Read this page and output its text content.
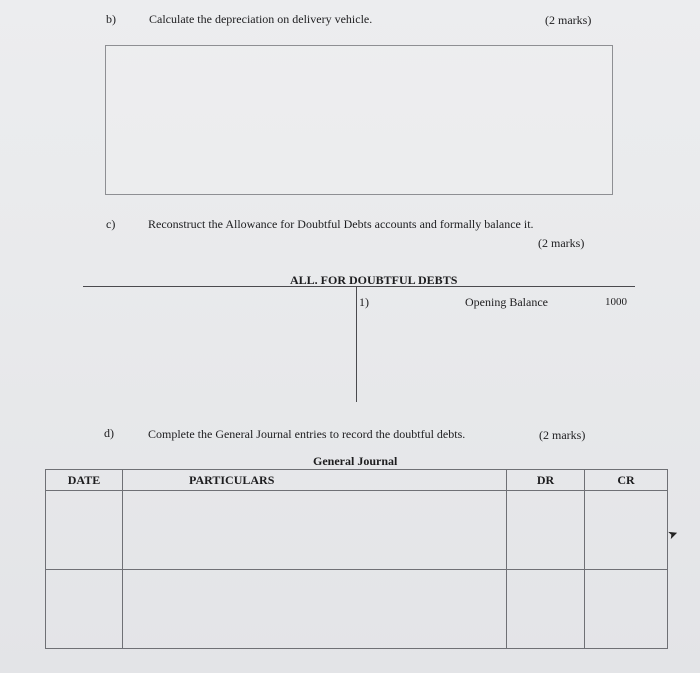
b)	Calculate the depreciation on delivery vehicle.	(2 marks)
c)	Reconstruct the Allowance for Doubtful Debts accounts and formally balance it.
(2 marks)
ALL. FOR DOUBTFUL DEBTS
1)	Opening Balance	1000
d)	Complete the General Journal entries to record the doubtful debts.	(2 marks)
General Journal
DATE	PARTICULARS	DR	CR

➤
